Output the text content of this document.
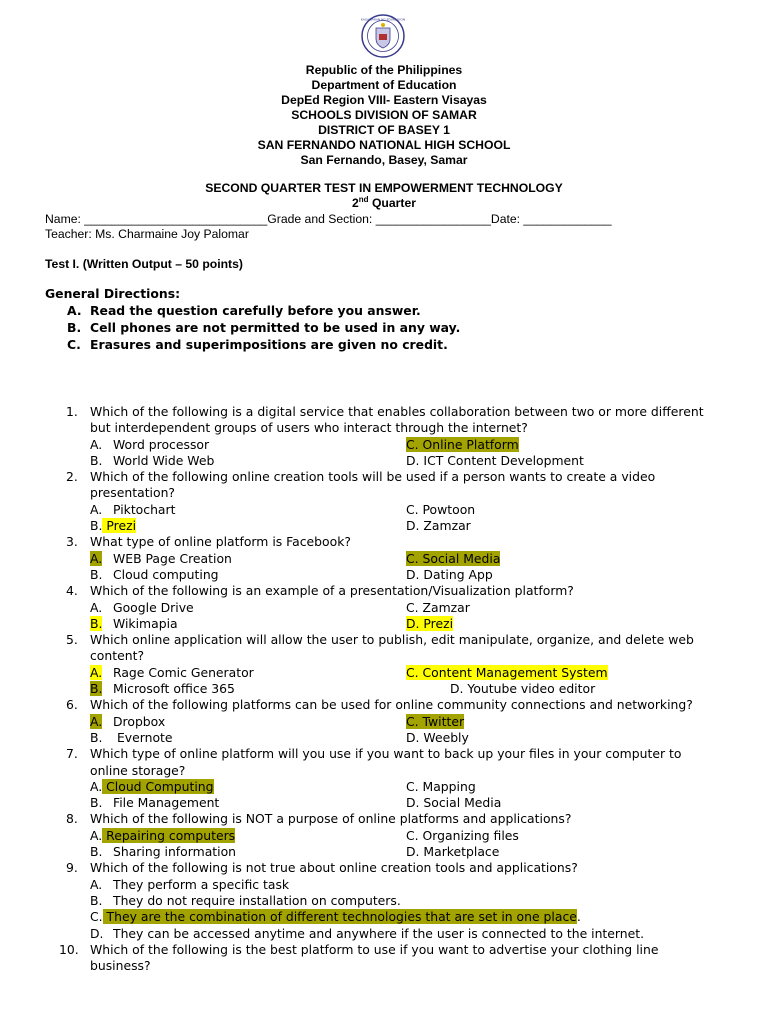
KAGAWARAN NG EDUKASYON
Republic of the Philippines
Department of Education
DepEd Region VIII- Eastern Visayas
SCHOOLS DIVISION OF SAMAR
DISTRICT OF BASEY 1
SAN FERNANDO NATIONAL HIGH SCHOOL
San Fernando, Basey, Samar
SECOND QUARTER TEST IN EMPOWERMENT TECHNOLOGY
2nd Quarter
Name: ___________________________Grade and Section: _________________Date: _____________
Teacher: Ms. Charmaine Joy Palomar
Test I. (Written Output – 50 points)
General Directions:
A. Read the question carefully before you answer.
B. Cell phones are not permitted to be used in any way.
C. Erasures and superimpositions are given no credit.
1. Which of the following is a digital service that enables collaboration between two or more different
but interdependent groups of users who interact through the internet?
A. Word processor	C. Online Platform
B. World Wide Web	D. ICT Content Development
2. Which of the following online creation tools will be used if a person wants to create a video
presentation?
A. Piktochart	C. Powtoon
B. Prezi	D. Zamzar
3. What type of online platform is Facebook?
A. WEB Page Creation	C. Social Media
B. Cloud computing	D. Dating App
4. Which of the following is an example of a presentation/Visualization platform?
A. Google Drive	C. Zamzar
B. Wikimapia	D. Prezi
5. Which online application will allow the user to publish, edit manipulate, organize, and delete web
content?
A. Rage Comic Generator	C. Content Management System
B. Microsoft office 365	D. Youtube video editor
6. Which of the following platforms can be used for online community connections and networking?
A. Dropbox	C. Twitter
B. Evernote	D. Weebly
7. Which type of online platform will you use if you want to back up your files in your computer to
online storage?
A. Cloud Computing	C. Mapping
B. File Management	D. Social Media
8. Which of the following is NOT a purpose of online platforms and applications?
A. Repairing computers	C. Organizing files
B. Sharing information	D. Marketplace
9. Which of the following is not true about online creation tools and applications?
A. They perform a specific task
B. They do not require installation on computers.
C. They are the combination of different technologies that are set in one place.
D. They can be accessed anytime and anywhere if the user is connected to the internet.
10. Which of the following is the best platform to use if you want to advertise your clothing line
business?
